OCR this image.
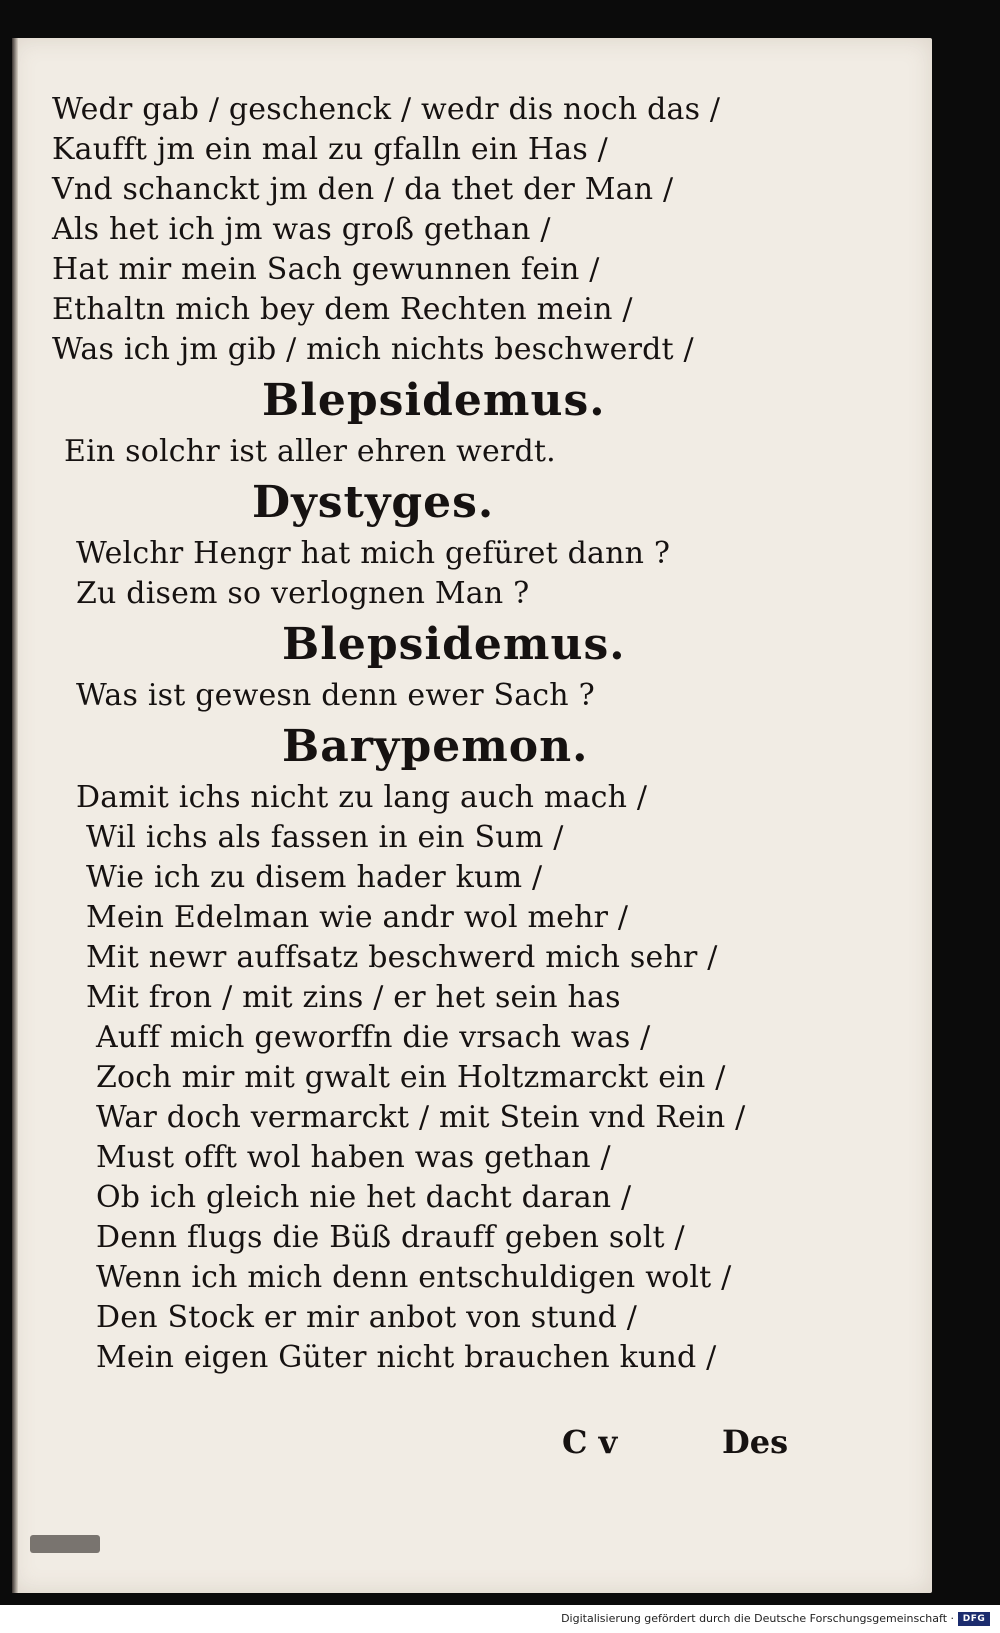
Wedr gab / geschenck / wedr dis noch das /
Kaufft jm ein mal zu gfalln ein Has /
Vnd schanckt jm den / da thet der Man /
Als het ich jm was groß gethan /
Hat mir mein Sach gewunnen fein /
Ethaltn mich bey dem Rechten mein /
Was ich jm gib / mich nichts beschwerdt /
Blepsidemus.
Ein solchr ist aller ehren werdt.
Dystyges.
Welchr Hengr hat mich gefüret dann ?
Zu disem so verlognen Man ?
Blepsidemus.
Was ist gewesn denn ewer Sach ?
Barypemon.
Damit ichs nicht zu lang auch mach /
Wil ichs als fassen in ein Sum /
Wie ich zu disem hader kum /
Mein Edelman wie andr wol mehr /
Mit newr auffsatz beschwerd mich sehr /
Mit fron / mit zins / er het sein has
Auff mich geworffn die vrsach was /
Zoch mir mit gwalt ein Holtzmarckt ein /
War doch vermarckt / mit Stein vnd Rein /
Must offt wol haben was gethan /
Ob ich gleich nie het dacht daran /
Denn flugs die Büß drauff geben solt /
Wenn ich mich denn entschuldigen wolt /
Den Stock er mir anbot von stund /
Mein eigen Güter nicht brauchen kund /
C v	Des
Digitalisierung gefördert durch die Deutsche Forschungsgemeinschaft · DFG
